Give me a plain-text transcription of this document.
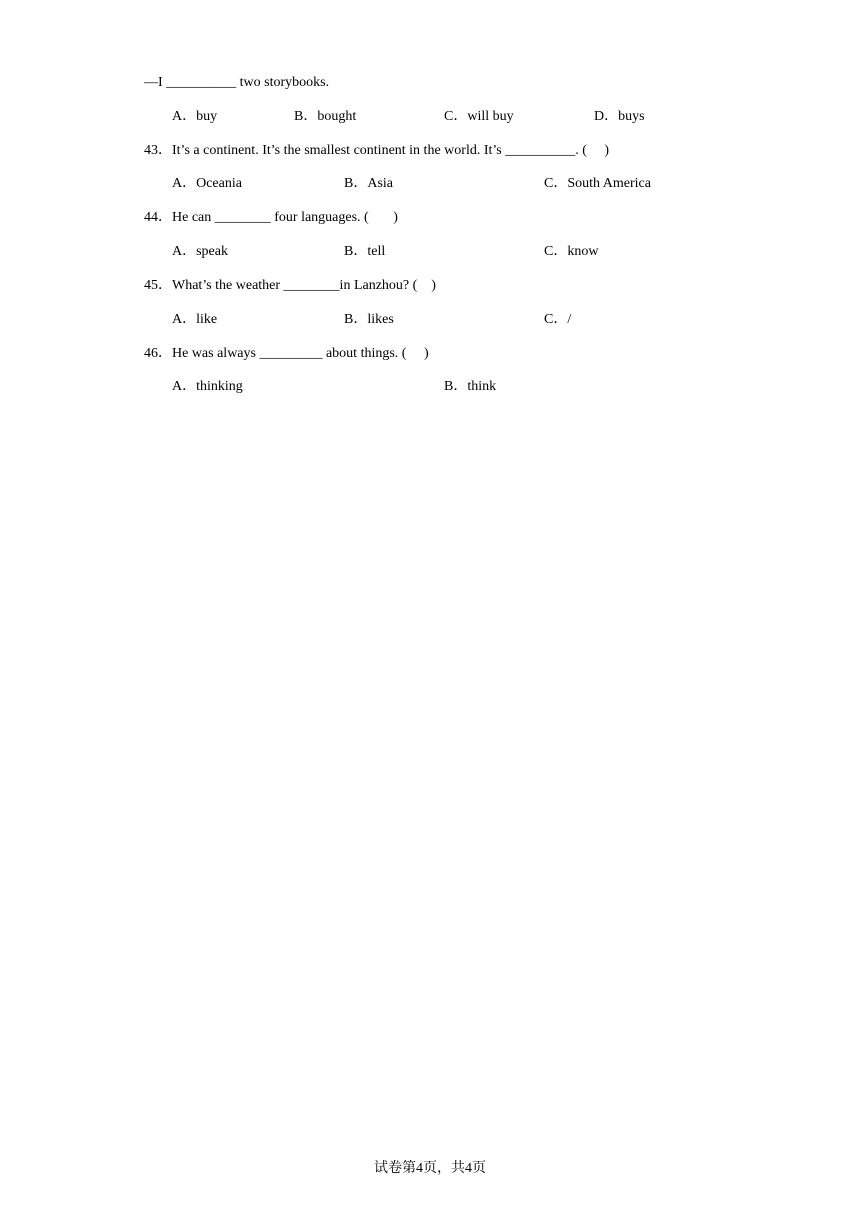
—I __________ two storybooks.
A．buy	B．bought	C．will buy	D．buys
43．It’s a continent. It’s the smallest continent in the world. It’s __________. (     )
A．Oceania	B．Asia	C．South America
44．He can ________ four languages. (       )
A．speak	B．tell	C．know
45．What’s the weather ________in Lanzhou? (    )
A．like	B．likes	C．/
46．He was always _________ about things. (     )
A．thinking	B．think
试卷第4页，共4页
